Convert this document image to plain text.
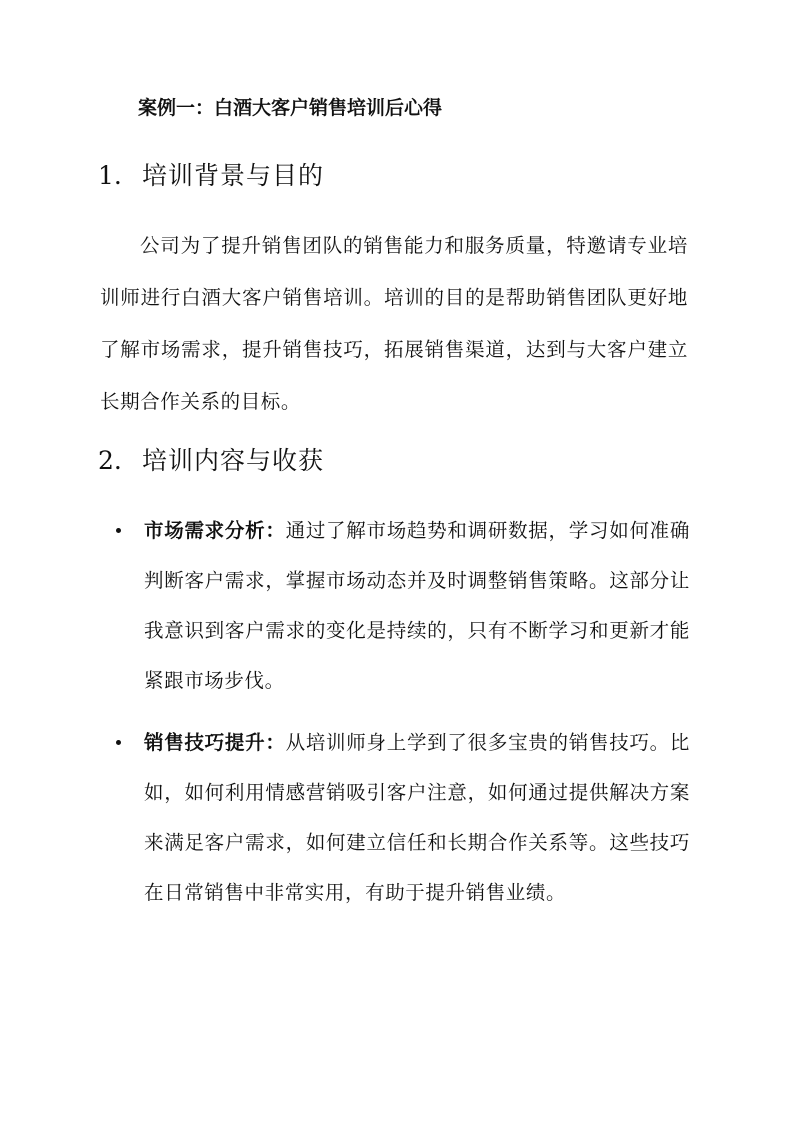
案例一：白酒大客户销售培训后心得
1. 培训背景与目的
公司为了提升销售团队的销售能力和服务质量，特邀请专业培训师进行白酒大客户销售培训。培训的目的是帮助销售团队更好地了解市场需求，提升销售技巧，拓展销售渠道，达到与大客户建立长期合作关系的目标。
2. 培训内容与收获
市场需求分析：通过了解市场趋势和调研数据，学习如何准确判断客户需求，掌握市场动态并及时调整销售策略。这部分让我意识到客户需求的变化是持续的，只有不断学习和更新才能紧跟市场步伐。
销售技巧提升：从培训师身上学到了很多宝贵的销售技巧。比如，如何利用情感营销吸引客户注意，如何通过提供解决方案来满足客户需求，如何建立信任和长期合作关系等。这些技巧在日常销售中非常实用，有助于提升销售业绩。
